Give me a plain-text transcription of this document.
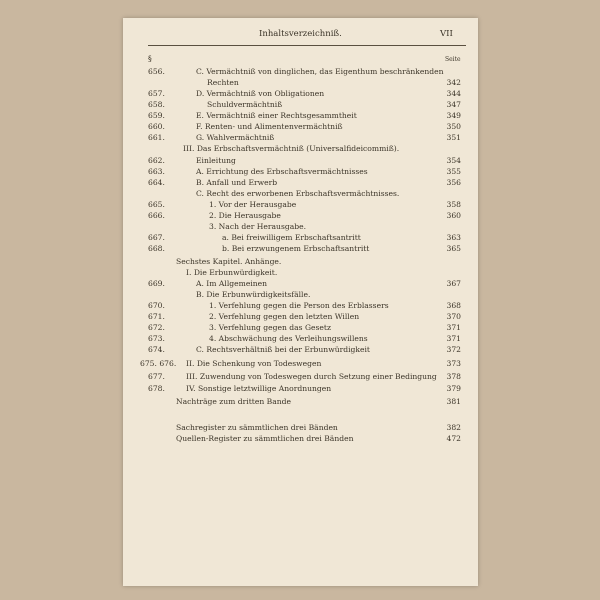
Inhaltsverzeichniß.	VII
§	Seite
656.	C. Vermächtniß von dinglichen, das Eigenthum beschränkenden
Rechten	342
657.	D. Vermächtniß von Obligationen	344
658.	Schuldvermächtniß	347
659.	E. Vermächtniß einer Rechtsgesammtheit	349
660.	F. Renten- und Alimentenvermächtniß	350
661.	G. Wahlvermächtniß	351
III. Das Erbschaftsvermächtniß (Universalfideicommiß).
662.	Einleitung	354
663.	A. Errichtung des Erbschaftsvermächtnisses	355
664.	B. Anfall und Erwerb	356
C. Recht des erworbenen Erbschaftsvermächtnisses.
665.	1. Vor der Herausgabe	358
666.	2. Die Herausgabe	360
3. Nach der Herausgabe.
667.	a. Bei freiwilligem Erbschaftsantritt	363
668.	b. Bei erzwungenem Erbschaftsantritt	365
Sechstes Kapitel. Anhänge.
I. Die Erbunwürdigkeit.
669.	A. Im Allgemeinen	367
B. Die Erbunwürdigkeitsfälle.
670.	1. Verfehlung gegen die Person des Erblassers	368
671.	2. Verfehlung gegen den letzten Willen	370
672.	3. Verfehlung gegen das Gesetz	371
673.	4. Abschwächung des Verleihungswillens	371
674.	C. Rechtsverhältniß bei der Erbunwürdigkeit	372
675. 676. II. Die Schenkung von Todeswegen	373
677.	III. Zuwendung von Todeswegen durch Setzung einer Bedingung	378
678.	IV. Sonstige letztwillige Anordnungen	379
Nachträge zum dritten Bande	381
Sachregister zu sämmtlichen drei Bänden	382
Quellen-Register zu sämmtlichen drei Bänden	472
